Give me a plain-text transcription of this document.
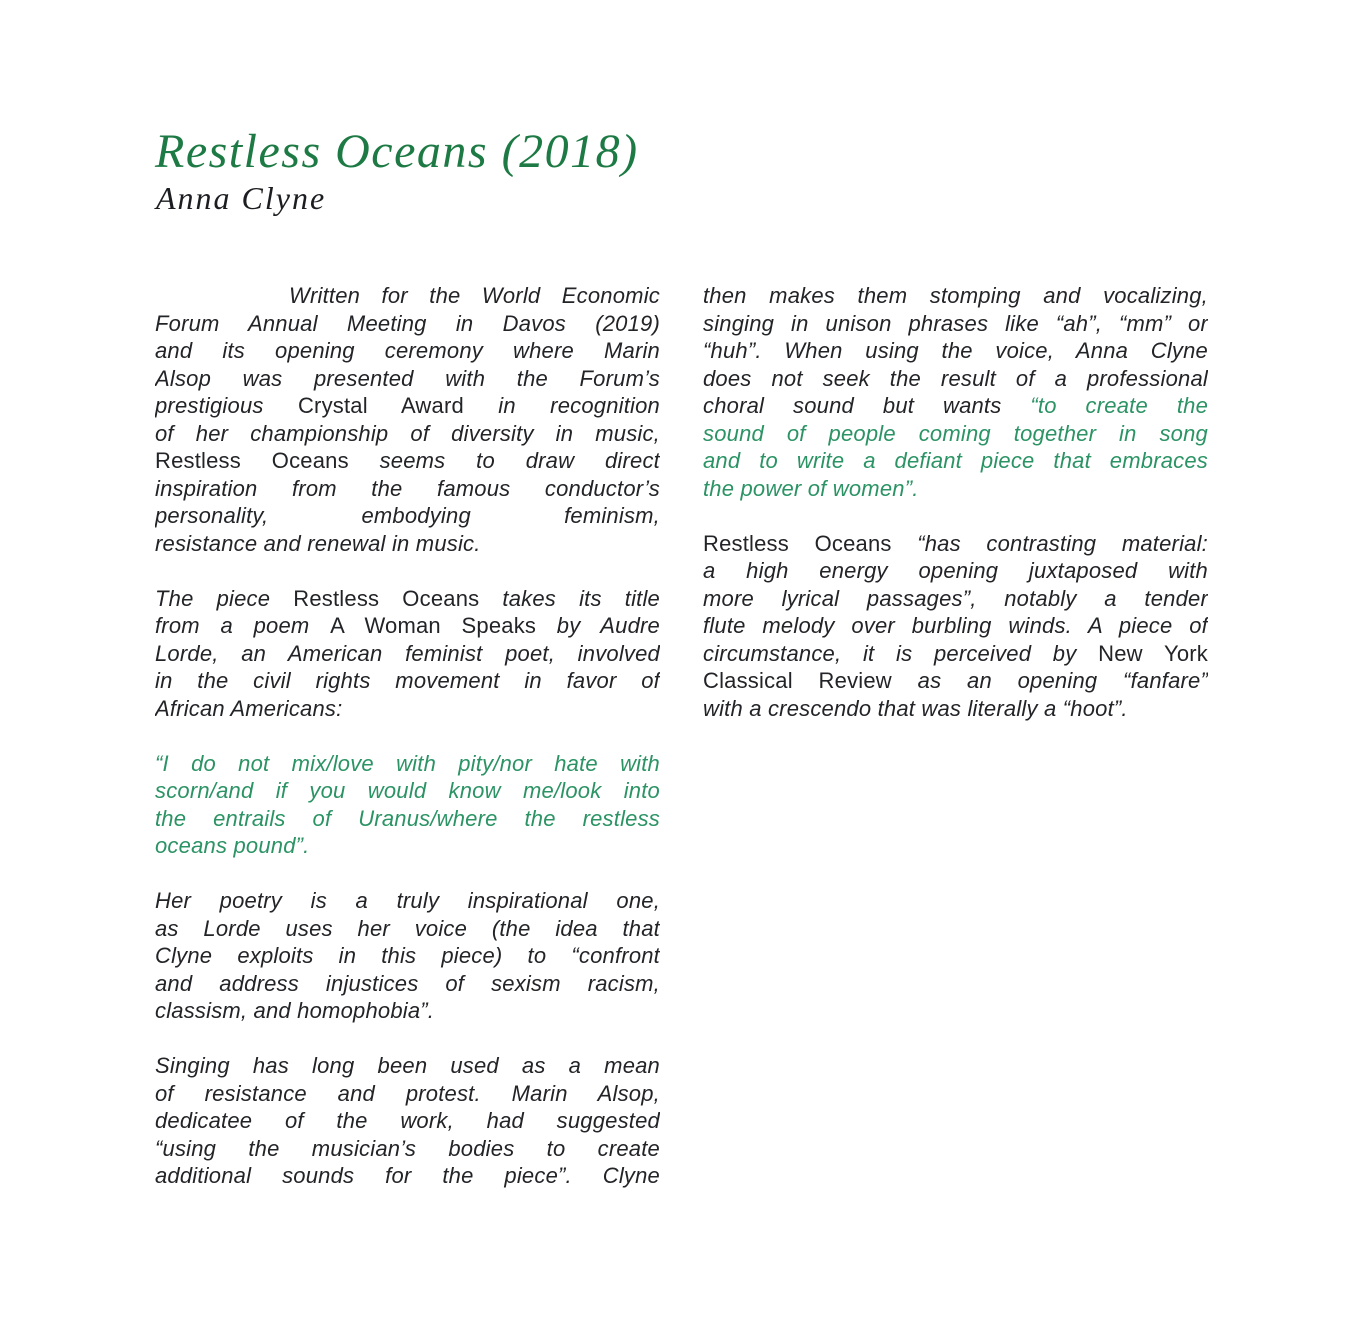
Restless Oceans (2018)
Anna Clyne
Written for the World Economic
Forum Annual Meeting in Davos (2019)
and its opening ceremony where Marin
Alsop was presented with the Forum’s
prestigious Crystal Award in recognition
of her championship of diversity in music,
Restless Oceans seems to draw direct
inspiration from the famous conductor’s
personality, embodying feminism,
resistance and renewal in music.
The piece Restless Oceans takes its title
from a poem A Woman Speaks by Audre
Lorde, an American feminist poet, involved
in the civil rights movement in favor of
African Americans:
“I do not mix/love with pity/nor hate with
scorn/and if you would know me/look into
the entrails of Uranus/where the restless
oceans pound”.
Her poetry is a truly inspirational one,
as Lorde uses her voice (the idea that
Clyne exploits in this piece) to “confront
and address injustices of sexism racism,
classism, and homophobia”.
Singing has long been used as a mean
of resistance and protest. Marin Alsop,
dedicatee of the work, had suggested
“using the musician’s bodies to create
additional sounds for the piece”. Clyne
then makes them stomping and vocalizing,
singing in unison phrases like “ah”, “mm” or
“huh”. When using the voice, Anna Clyne
does not seek the result of a professional
choral sound but wants “to create the
sound of people coming together in song
and to write a defiant piece that embraces
the power of women”.
Restless Oceans “has contrasting material:
a high energy opening juxtaposed with
more lyrical passages”, notably a tender
flute melody over burbling winds. A piece of
circumstance, it is perceived by New York
Classical Review as an opening “fanfare”
with a crescendo that was literally a “hoot”.
